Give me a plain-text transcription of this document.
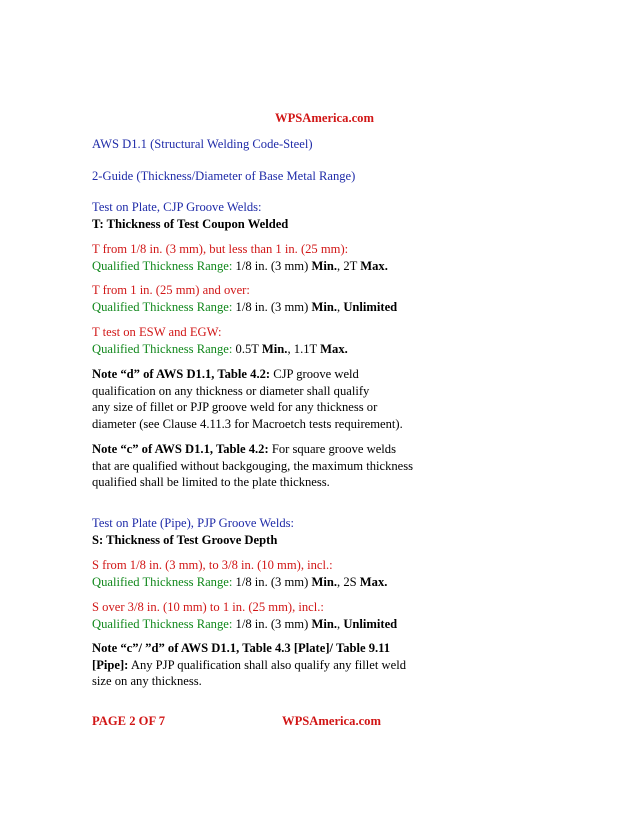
WPSAmerica.com
AWS D1.1 (Structural Welding Code-Steel)
2-Guide (Thickness/Diameter of Base Metal Range)
Test on Plate, CJP Groove Welds:
T: Thickness of Test Coupon Welded
T from 1/8 in. (3 mm), but less than 1 in. (25 mm):
Qualified Thickness Range: 1/8 in. (3 mm) Min., 2T Max.
T from 1 in. (25 mm) and over:
Qualified Thickness Range: 1/8 in. (3 mm) Min., Unlimited
T test on ESW and EGW:
Qualified Thickness Range: 0.5T Min., 1.1T Max.
Note “d” of AWS D1.1, Table 4.2: CJP groove weld
qualification on any thickness or diameter shall qualify
any size of fillet or PJP groove weld for any thickness or
diameter (see Clause 4.11.3 for Macroetch tests requirement).
Note “c” of AWS D1.1, Table 4.2: For square groove welds
that are qualified without backgouging, the maximum thickness
qualified shall be limited to the plate thickness.
Test on Plate (Pipe), PJP Groove Welds:
S: Thickness of Test Groove Depth
S from 1/8 in. (3 mm), to 3/8 in. (10 mm), incl.:
Qualified Thickness Range: 1/8 in. (3 mm) Min., 2S Max.
S over 3/8 in. (10 mm) to 1 in. (25 mm), incl.:
Qualified Thickness Range: 1/8 in. (3 mm) Min., Unlimited
Note “c”/ ”d” of AWS D1.1, Table 4.3 [Plate]/ Table 9.11
[Pipe]: Any PJP qualification shall also qualify any fillet weld
size on any thickness.
PAGE 2 OF 7	WPSAmerica.com
